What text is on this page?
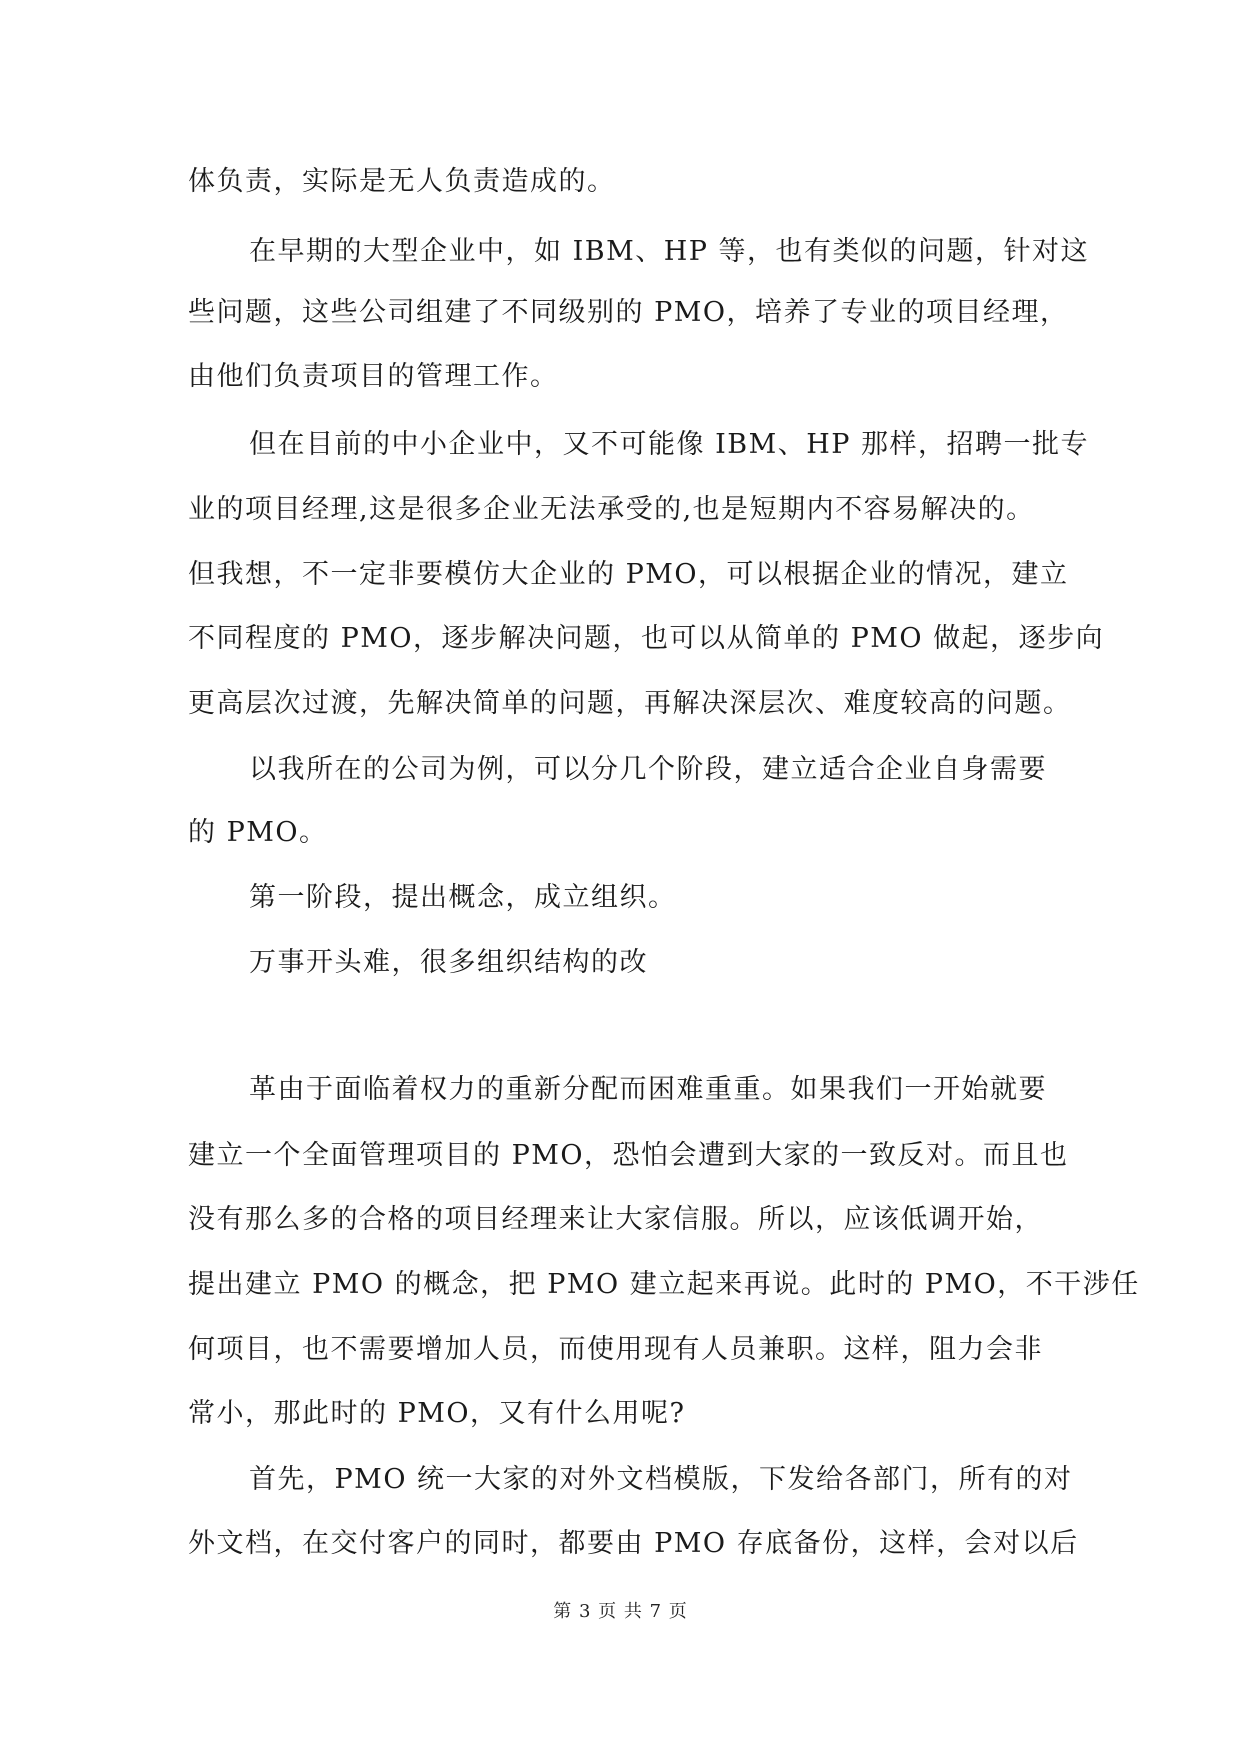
体负责，实际是无人负责造成的。
在早期的大型企业中，如 IBM、HP 等，也有类似的问题，针对这
些问题，这些公司组建了不同级别的 PMO，培养了专业的项目经理，
由他们负责项目的管理工作。
但在目前的中小企业中，又不可能像 IBM、HP 那样，招聘一批专
业的项目经理,这是很多企业无法承受的,也是短期内不容易解决的。
但我想，不一定非要模仿大企业的 PMO，可以根据企业的情况，建立
不同程度的 PMO，逐步解决问题，也可以从简单的 PMO 做起，逐步向
更高层次过渡，先解决简单的问题，再解决深层次、难度较高的问题。
以我所在的公司为例，可以分几个阶段，建立适合企业自身需要
的 PMO。
第一阶段，提出概念，成立组织。
万事开头难，很多组织结构的改
革由于面临着权力的重新分配而困难重重。如果我们一开始就要
建立一个全面管理项目的 PMO，恐怕会遭到大家的一致反对。而且也
没有那么多的合格的项目经理来让大家信服。所以，应该低调开始，
提出建立 PMO 的概念，把 PMO 建立起来再说。此时的 PMO，不干涉任
何项目，也不需要增加人员，而使用现有人员兼职。这样，阻力会非
常小，那此时的 PMO，又有什么用呢?
首先，PMO 统一大家的对外文档模版，下发给各部门，所有的对
外文档，在交付客户的同时，都要由 PMO 存底备份，这样，会对以后
第 3 页 共 7 页
